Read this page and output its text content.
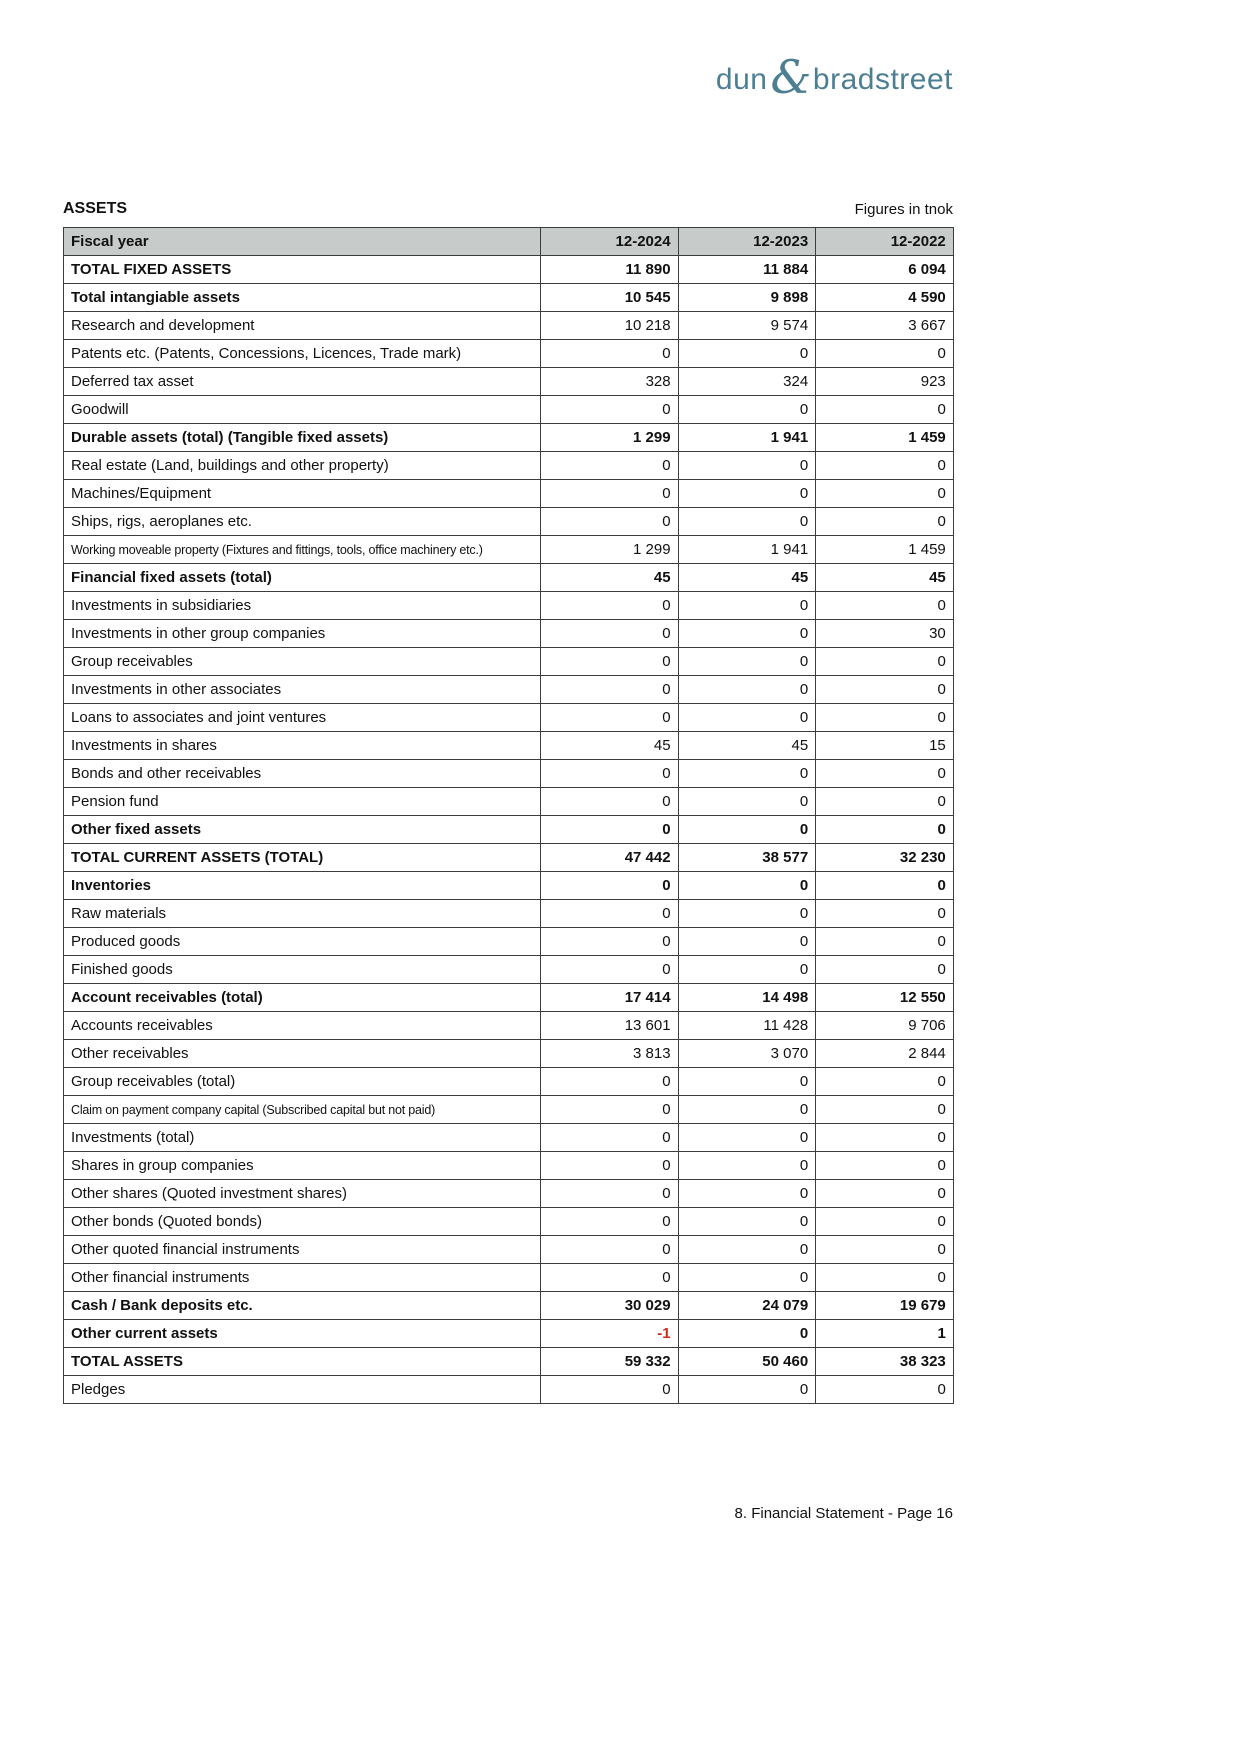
dun & bradstreet
ASSETS	Figures in tnok
Fiscal year	12-2024	12-2023	12-2022
TOTAL FIXED ASSETS	11 890	11 884	6 094
Total intangiable assets	10 545	9 898	4 590
Research and development	10 218	9 574	3 667
Patents etc. (Patents, Concessions, Licences, Trade mark)	0	0	0
Deferred tax asset	328	324	923
Goodwill	0	0	0
Durable assets (total) (Tangible fixed assets)	1 299	1 941	1 459
Real estate (Land, buildings and other property)	0	0	0
Machines/Equipment	0	0	0
Ships, rigs, aeroplanes etc.	0	0	0
Working moveable property (Fixtures and fittings, tools, office machinery etc.)	1 299	1 941	1 459
Financial fixed assets (total)	45	45	45
Investments in subsidiaries	0	0	0
Investments in other group companies	0	0	30
Group receivables	0	0	0
Investments in other associates	0	0	0
Loans to associates and joint ventures	0	0	0
Investments in shares	45	45	15
Bonds and other receivables	0	0	0
Pension fund	0	0	0
Other fixed assets	0	0	0
TOTAL CURRENT ASSETS (TOTAL)	47 442	38 577	32 230
Inventories	0	0	0
Raw materials	0	0	0
Produced goods	0	0	0
Finished goods	0	0	0
Account receivables (total)	17 414	14 498	12 550
Accounts receivables	13 601	11 428	9 706
Other receivables	3 813	3 070	2 844
Group receivables (total)	0	0	0
Claim on payment company capital (Subscribed capital but not paid)	0	0	0
Investments (total)	0	0	0
Shares in group companies	0	0	0
Other shares (Quoted investment shares)	0	0	0
Other bonds (Quoted bonds)	0	0	0
Other quoted financial instruments	0	0	0
Other financial instruments	0	0	0
Cash / Bank deposits etc.	30 029	24 079	19 679
Other current assets	-1	0	1
TOTAL ASSETS	59 332	50 460	38 323
Pledges	0	0	0
8. Financial Statement - Page 16
